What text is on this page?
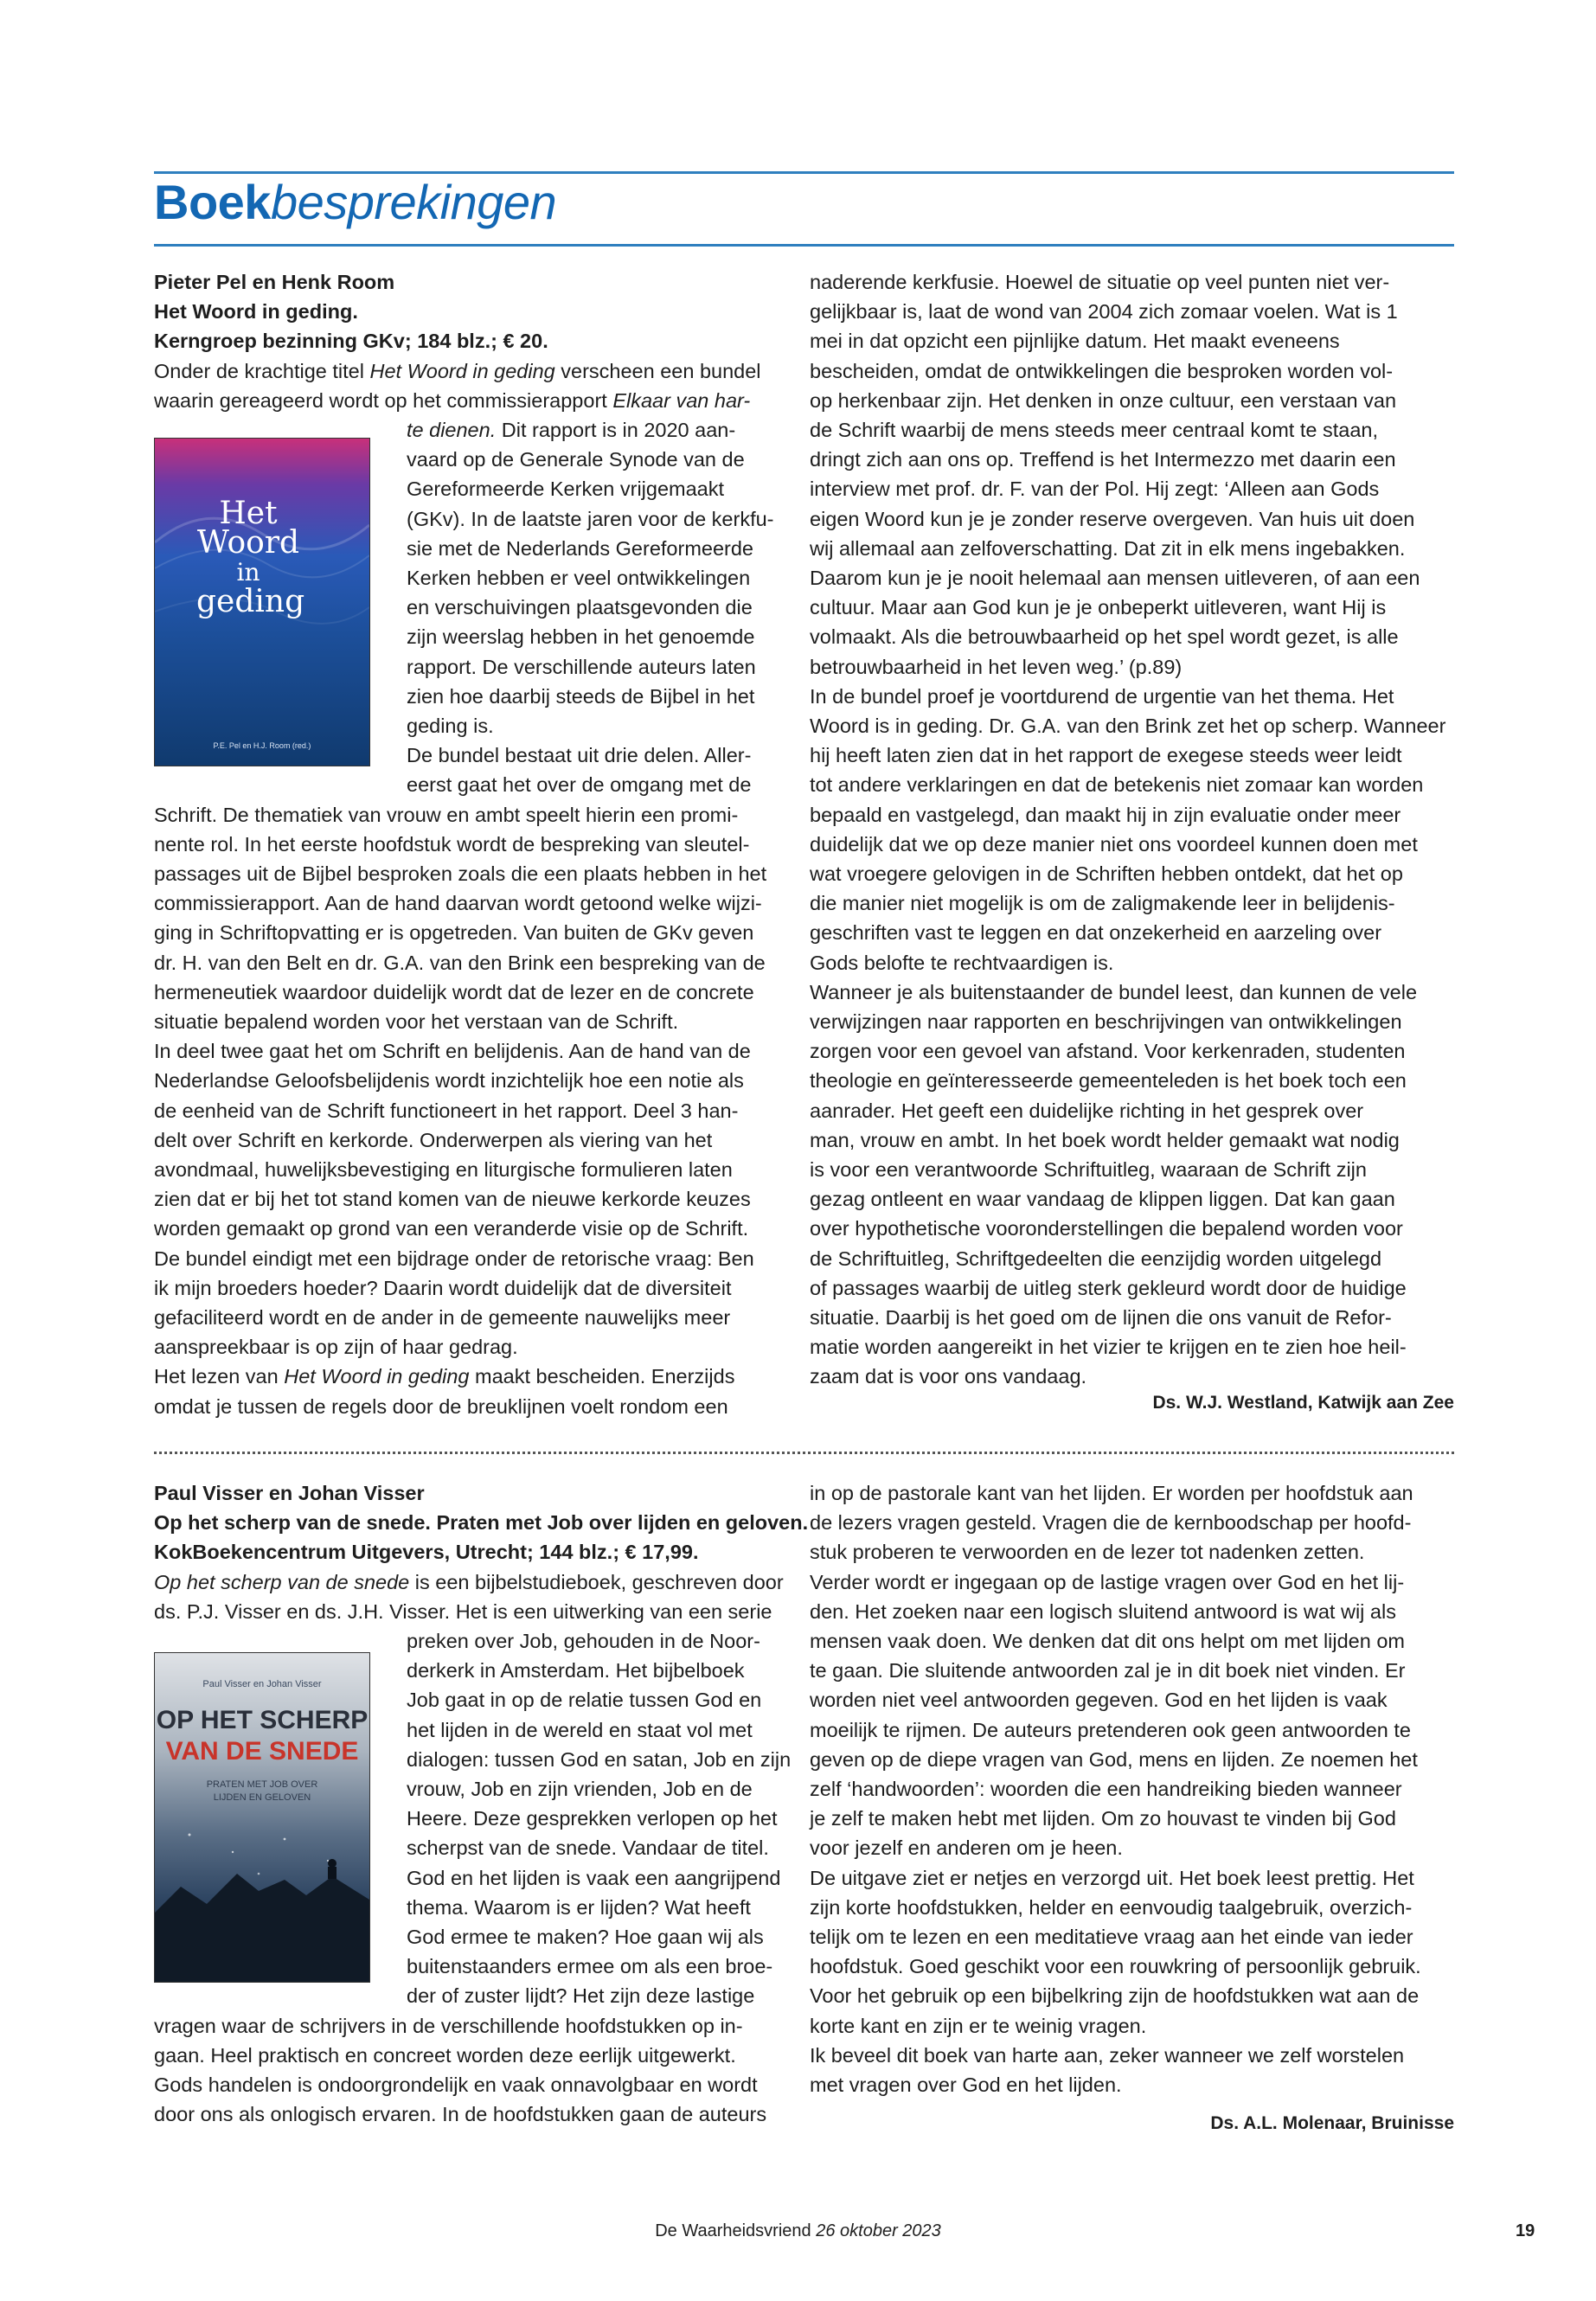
Boekbesprekingen

Pieter Pel en Henk Room

Het Woord in geding.

Kerngroep bezinning GKv; 184 blz.; € 20.

Onder de krachtige titel Het Woord in geding verscheen een bundel

waarin gereageerd wordt op het commissierapport Elkaar van har-

te dienen. Dit rapport is in 2020 aan-

vaard op de Generale Synode van de

Gereformeerde Kerken vrijgemaakt

(GKv). In de laatste jaren voor de kerkfu-

sie met de Nederlands Gereformeerde

Kerken hebben er veel ontwikkelingen

en verschuivingen plaatsgevonden die

zijn weerslag hebben in het genoemde

rapport. De verschillende auteurs laten

zien hoe daarbij steeds de Bijbel in het

geding is.

De bundel bestaat uit drie delen. Aller-

eerst gaat het over de omgang met de

Schrift. De thematiek van vrouw en ambt speelt hierin een promi-

nente rol. In het eerste hoofdstuk wordt de bespreking van sleutel-

passages uit de Bijbel besproken zoals die een plaats hebben in het

commissierapport. Aan de hand daarvan wordt getoond welke wijzi-

ging in Schriftopvatting er is opgetreden. Van buiten de GKv geven

dr. H. van den Belt en dr. G.A. van den Brink een bespreking van de

hermeneutiek waardoor duidelijk wordt dat de lezer en de concrete

situatie bepalend worden voor het verstaan van de Schrift.

In deel twee gaat het om Schrift en belijdenis. Aan de hand van de

Nederlandse Geloofsbelijdenis wordt inzichtelijk hoe een notie als

de eenheid van de Schrift functioneert in het rapport. Deel 3 han-

delt over Schrift en kerkorde. Onderwerpen als viering van het

avondmaal, huwelijksbevestiging en liturgische formulieren laten

zien dat er bij het tot stand komen van de nieuwe kerkorde keuzes

worden gemaakt op grond van een veranderde visie op de Schrift.

De bundel eindigt met een bijdrage onder de retorische vraag: Ben

ik mijn broeders hoeder? Daarin wordt duidelijk dat de diversiteit

gefaciliteerd wordt en de ander in de gemeente nauwelijks meer

aanspreekbaar is op zijn of haar gedrag.

Het lezen van Het Woord in geding maakt bescheiden. Enerzijds

omdat je tussen de regels door de breuklijnen voelt rondom een

Het
Woord
in
geding
P.E. Pel en H.J. Room (red.)

naderende kerkfusie. Hoewel de situatie op veel punten niet ver-

gelijkbaar is, laat de wond van 2004 zich zomaar voelen. Wat is 1

mei in dat opzicht een pijnlijke datum. Het maakt eveneens

bescheiden, omdat de ontwikkelingen die besproken worden vol-

op herkenbaar zijn. Het denken in onze cultuur, een verstaan van

de Schrift waarbij de mens steeds meer centraal komt te staan,

dringt zich aan ons op. Treffend is het Intermezzo met daarin een

interview met prof. dr. F. van der Pol. Hij zegt: ‘Alleen aan Gods

eigen Woord kun je je zonder reserve overgeven. Van huis uit doen

wij allemaal aan zelfoverschatting. Dat zit in elk mens ingebakken.

Daarom kun je je nooit helemaal aan mensen uitleveren, of aan een

cultuur. Maar aan God kun je je onbeperkt uitleveren, want Hij is

volmaakt. Als die betrouwbaarheid op het spel wordt gezet, is alle

betrouwbaarheid in het leven weg.’ (p.89)

In de bundel proef je voortdurend de urgentie van het thema. Het

Woord is in geding. Dr. G.A. van den Brink zet het op scherp. Wanneer

hij heeft laten zien dat in het rapport de exegese steeds weer leidt

tot andere verklaringen en dat de betekenis niet zomaar kan worden

bepaald en vastgelegd, dan maakt hij in zijn evaluatie onder meer

duidelijk dat we op deze manier niet ons voordeel kunnen doen met

wat vroegere gelovigen in de Schriften hebben ontdekt, dat het op

die manier niet mogelijk is om de zaligmakende leer in belijdenis-

geschriften vast te leggen en dat onzekerheid en aarzeling over

Gods belofte te rechtvaardigen is.

Wanneer je als buitenstaander de bundel leest, dan kunnen de vele

verwijzingen naar rapporten en beschrijvingen van ontwikkelingen

zorgen voor een gevoel van afstand. Voor kerkenraden, studenten

theologie en geïnteresseerde gemeenteleden is het boek toch een

aanrader. Het geeft een duidelijke richting in het gesprek over

man, vrouw en ambt. In het boek wordt helder gemaakt wat nodig

is voor een verantwoorde Schriftuitleg, waaraan de Schrift zijn

gezag ontleent en waar vandaag de klippen liggen. Dat kan gaan

over hypothetische vooronderstellingen die bepalend worden voor

de Schriftuitleg, Schriftgedeelten die eenzijdig worden uitgelegd

of passages waarbij de uitleg sterk gekleurd wordt door de huidige

situatie. Daarbij is het goed om de lijnen die ons vanuit de Refor-

matie worden aangereikt in het vizier te krijgen en te zien hoe heil-

zaam dat is voor ons vandaag.

Ds. W.J. Westland, Katwijk aan Zee

Paul Visser en Johan Visser

Op het scherp van de snede. Praten met Job over lijden en geloven.

KokBoekencentrum Uitgevers, Utrecht; 144 blz.; € 17,99.

Op het scherp van de snede is een bijbelstudieboek, geschreven door

ds. P.J. Visser en ds. J.H. Visser. Het is een uitwerking van een serie

preken over Job, gehouden in de Noor-

derkerk in Amsterdam. Het bijbelboek

Job gaat in op de relatie tussen God en

het lijden in de wereld en staat vol met

dialogen: tussen God en satan, Job en zijn

vrouw, Job en zijn vrienden, Job en de

Heere. Deze gesprekken verlopen op het

scherpst van de snede. Vandaar de titel.

God en het lijden is vaak een aangrijpend

thema. Waarom is er lijden? Wat heeft

God ermee te maken? Hoe gaan wij als

buitenstaanders ermee om als een broe-

der of zuster lijdt? Het zijn deze lastige

vragen waar de schrijvers in de verschillende hoofdstukken op in-

gaan. Heel praktisch en concreet worden deze eerlijk uitgewerkt.

Gods handelen is ondoorgrondelijk en vaak onnavolgbaar en wordt

door ons als onlogisch ervaren. In de hoofdstukken gaan de auteurs

Paul Visser en Johan Visser
OP HET SCHERP
VAN DE SNEDE
PRATEN MET JOB OVER
LIJDEN EN GELOVEN

in op de pastorale kant van het lijden. Er worden per hoofdstuk aan

de lezers vragen gesteld. Vragen die de kernboodschap per hoofd-

stuk proberen te verwoorden en de lezer tot nadenken zetten.

Verder wordt er ingegaan op de lastige vragen over God en het lij-

den. Het zoeken naar een logisch sluitend antwoord is wat wij als

mensen vaak doen. We denken dat dit ons helpt om met lijden om

te gaan. Die sluitende antwoorden zal je in dit boek niet vinden. Er

worden niet veel antwoorden gegeven. God en het lijden is vaak

moeilijk te rijmen. De auteurs pretenderen ook geen antwoorden te

geven op de diepe vragen van God, mens en lijden. Ze noemen het

zelf ‘handwoorden’: woorden die een handreiking bieden wanneer

je zelf te maken hebt met lijden. Om zo houvast te vinden bij God

voor jezelf en anderen om je heen.

De uitgave ziet er netjes en verzorgd uit. Het boek leest prettig. Het

zijn korte hoofdstukken, helder en eenvoudig taalgebruik, overzich-

telijk om te lezen en een meditatieve vraag aan het einde van ieder

hoofdstuk. Goed geschikt voor een rouwkring of persoonlijk gebruik.

Voor het gebruik op een bijbelkring zijn de hoofdstukken wat aan de

korte kant en zijn er te weinig vragen.

Ik beveel dit boek van harte aan, zeker wanneer we zelf worstelen

met vragen over God en het lijden.

Ds. A.L. Molenaar, Bruinisse

De Waarheidsvriend 26 oktober 2023	19
